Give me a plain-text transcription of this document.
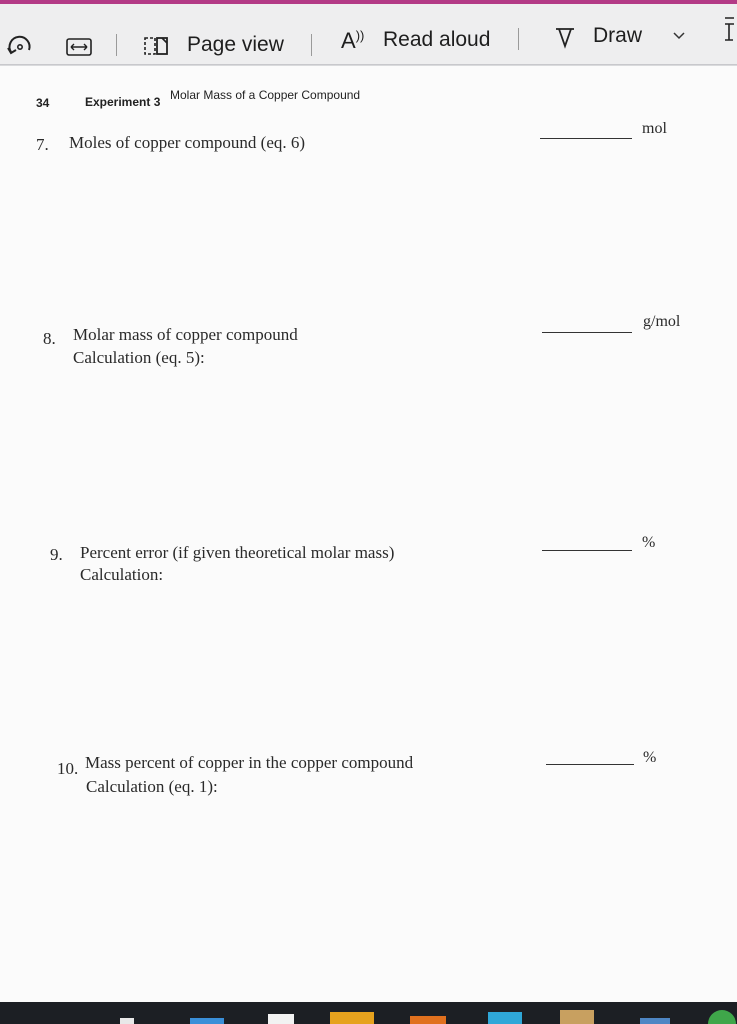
Page view	A)) Read aloud	Draw
34	Experiment 3 Molar Mass of a Copper Compound
7. Moles of copper compound (eq. 6)
mol
8. Molar mass of copper compound
Calculation (eq. 5):
g/mol
9. Percent error (if given theoretical molar mass)
Calculation:
%
10. Mass percent of copper in the copper compound
Calculation (eq. 1):
%
